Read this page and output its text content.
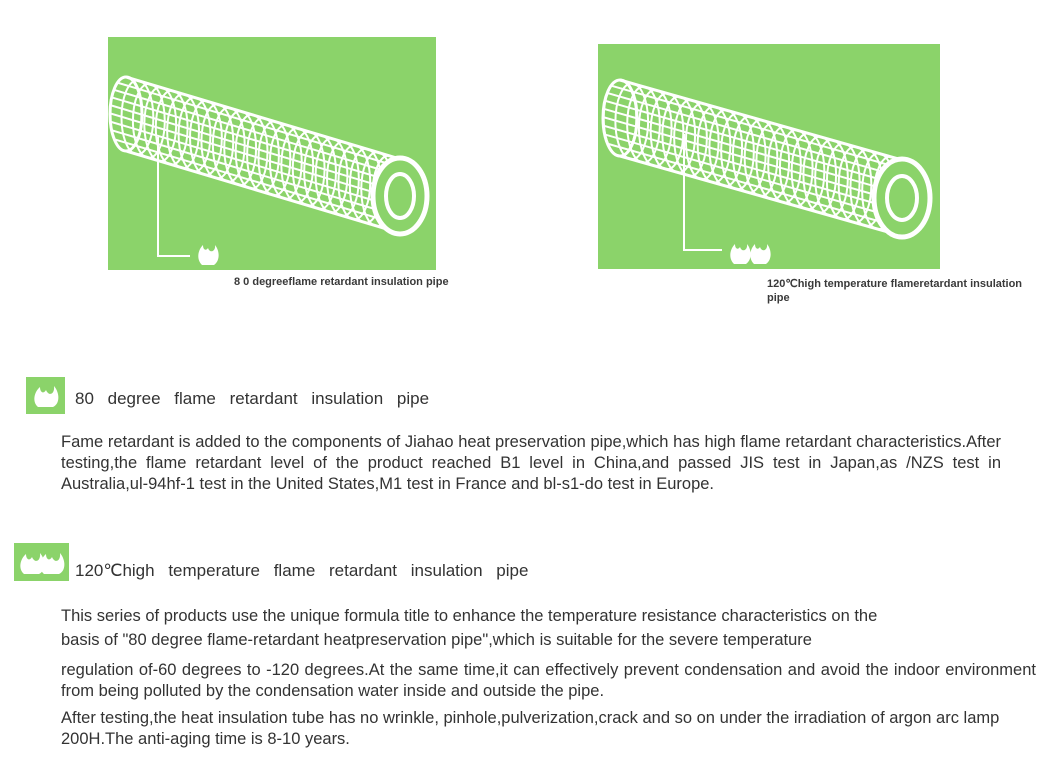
8 0 degreeflame retardant insulation pipe	120℃high temperature flameretardant insulation pipe
80 degree flame retardant insulation pipe
Fame retardant is added to the components of Jiahao heat preservation pipe,which has high flame retardant characteristics.After testing,the flame retardant level of the product reached B1 level in China,and passed JIS test in Japan,as /NZS test in Australia,ul-94hf-1 test in the United States,M1 test in France and bl-s1-do test in Europe.
120℃high temperature flame retardant insulation pipe
This series of products use the unique formula title to enhance the temperature resistance characteristics on the
basis of "80 degree flame-retardant heatpreservation pipe",which is suitable for the severe temperature
regulation of-60 degrees to -120 degrees.At the same time,it can effectively prevent condensation and avoid the indoor environment from being polluted by the condensation water inside and outside the pipe.
After testing,the heat insulation tube has no wrinkle, pinhole,pulverization,crack and so on under the irradiation of argon arc lamp 200H.The anti-aging time is 8-10 years.
